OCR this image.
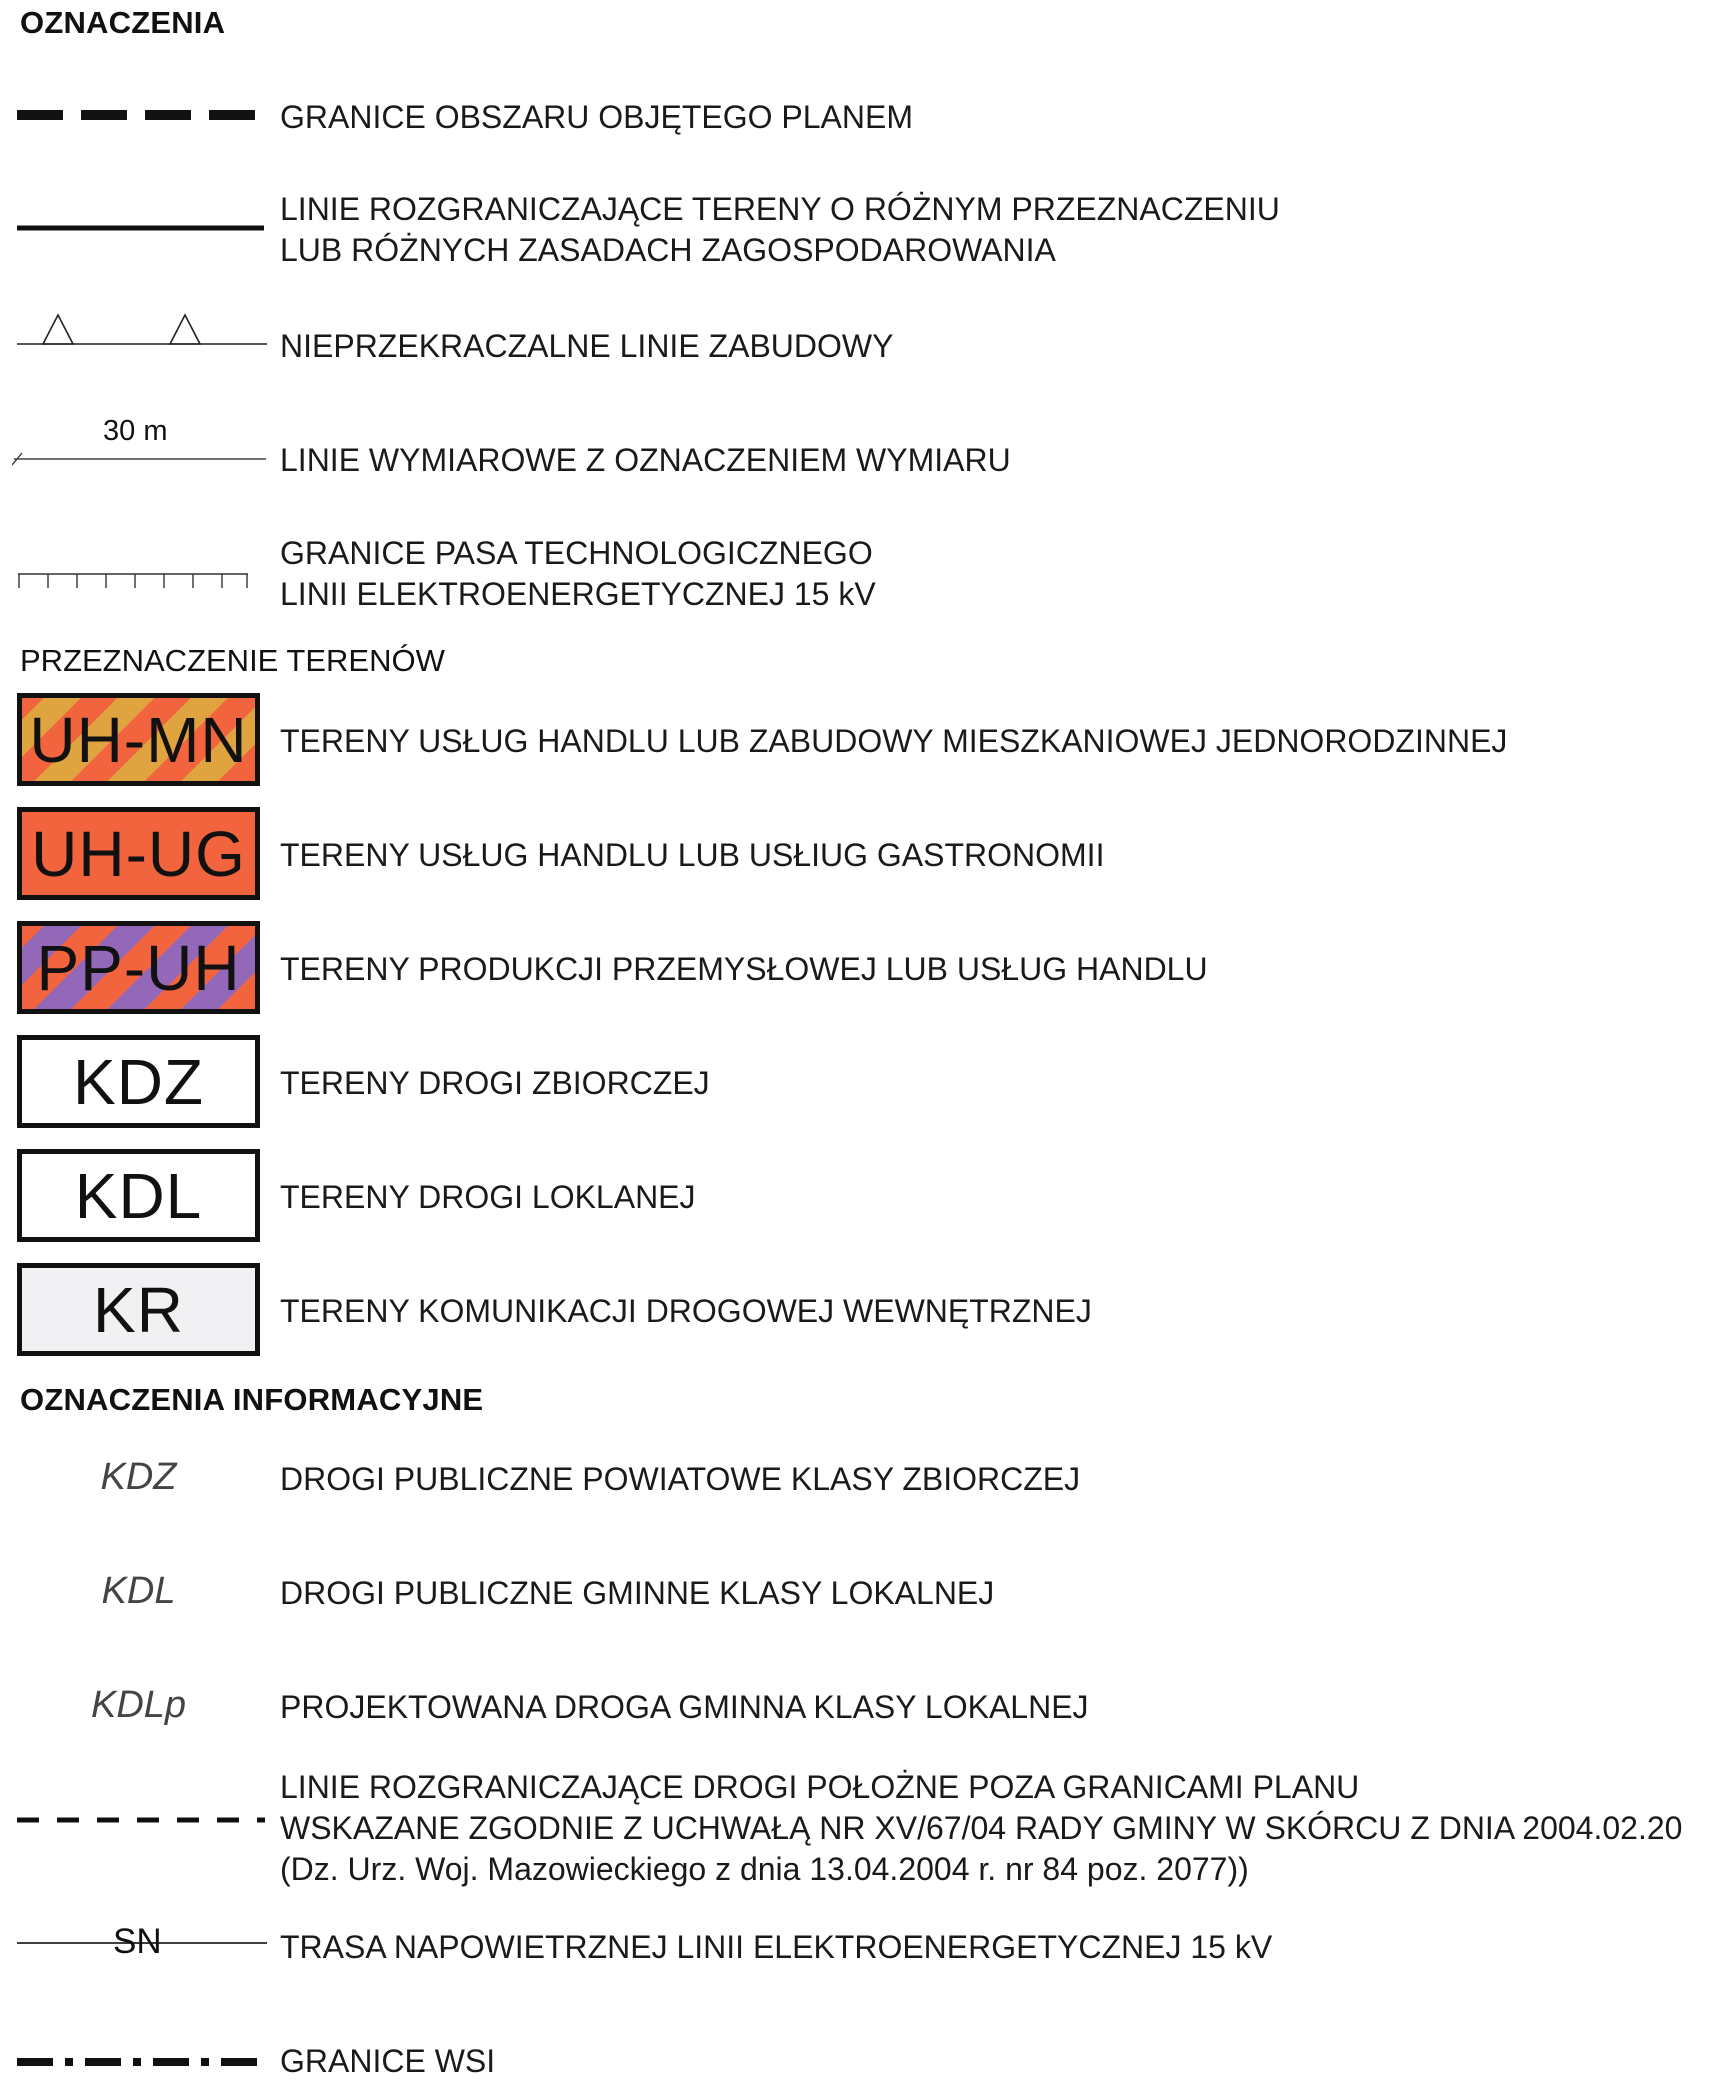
OZNACZENIA
GRANICE OBSZARU OBJĘTEGO PLANEM
LINIE ROZGRANICZAJĄCE TERENY O RÓŻNYM PRZEZNACZENIU
LUB RÓŻNYCH ZASADACH ZAGOSPODAROWANIA
NIEPRZEKRACZALNE LINIE ZABUDOWY
30 m
LINIE WYMIAROWE Z OZNACZENIEM WYMIARU
GRANICE PASA TECHNOLOGICZNEGO
LINII ELEKTROENERGETYCZNEJ 15 kV
PRZEZNACZENIE TERENÓW
UH-MN TERENY USŁUG HANDLU LUB ZABUDOWY MIESZKANIOWEJ JEDNORODZINNEJ
UH-UG TERENY USŁUG HANDLU LUB USŁIUG GASTRONOMII
PP-UH TERENY PRODUKCJI PRZEMYSŁOWEJ LUB USŁUG HANDLU
KDZ TERENY DROGI ZBIORCZEJ
KDL TERENY DROGI LOKLANEJ
KR	TERENY KOMUNIKACJI DROGOWEJ WEWNĘTRZNEJ
OZNACZENIA INFORMACYJNE
KDZ	DROGI PUBLICZNE POWIATOWE KLASY ZBIORCZEJ
KDL	DROGI PUBLICZNE GMINNE KLASY LOKALNEJ
KDLp	PROJEKTOWANA DROGA GMINNA KLASY LOKALNEJ
LINIE ROZGRANICZAJĄCE DROGI POŁOŻNE POZA GRANICAMI PLANU
WSKAZANE ZGODNIE Z UCHWAŁĄ NR XV/67/04 RADY GMINY W SKÓRCU Z DNIA 2004.02.20
(Dz. Urz. Woj. Mazowieckiego z dnia 13.04.2004 r. nr 84 poz. 2077))
SN	TRASA NAPOWIETRZNEJ LINII ELEKTROENERGETYCZNEJ 15 kV
GRANICE WSI
